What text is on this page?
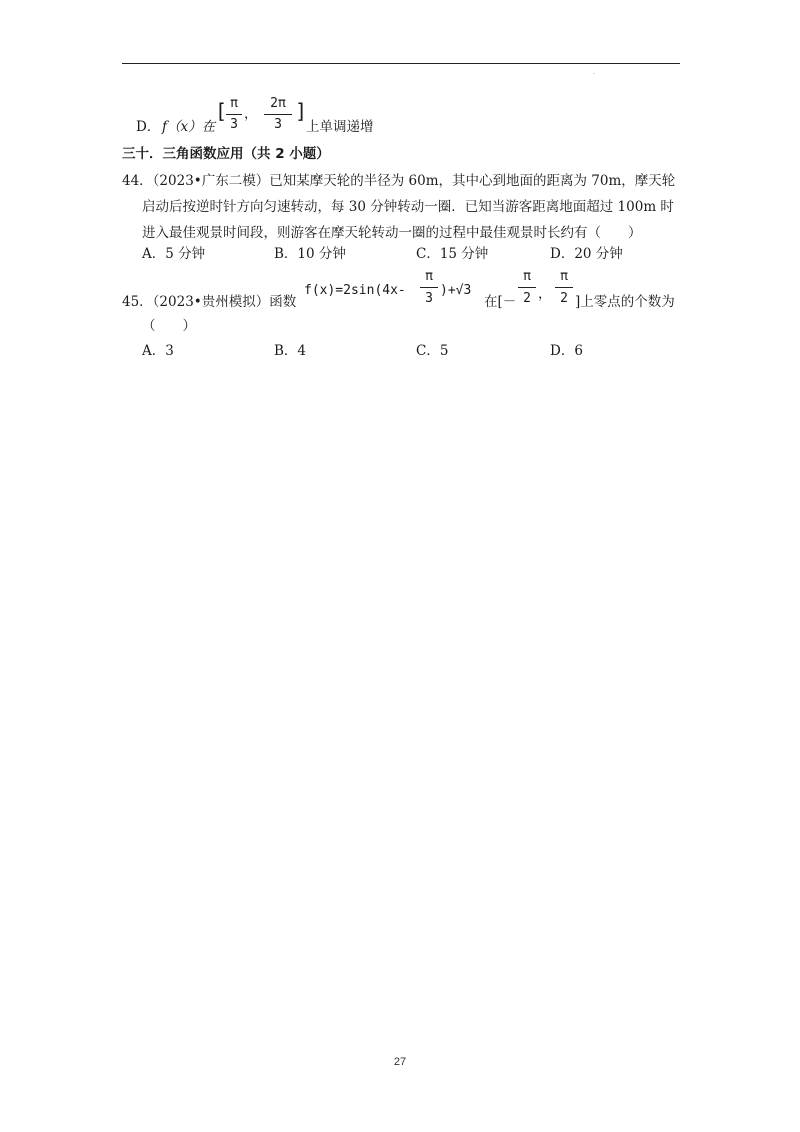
.
D． f（x）在
[ π
3
，
2π
3
]
上单调递增
三十．三角函数应用（共 2 小题）
44．（2023•广东二模）已知某摩天轮的半径为 60m，其中心到地面的距离为 70m，摩天轮
启动后按逆时针方向匀速转动，每 30 分钟转动一圈．已知当游客距离地面超过 100m 时
进入最佳观景时间段，则游客在摩天轮转动一圈的过程中最佳观景时长约有（　　）
A．5 分钟	B．10 分钟	C．15 分钟	D．20 分钟
45．（2023•贵州模拟）函数
f(x)=2sin(4x-
π
3
)+√3
在[－
π
2 ，
π
2 ]上零点的个数为
（　　）
A．3	B．4	C．5	D．6
27
